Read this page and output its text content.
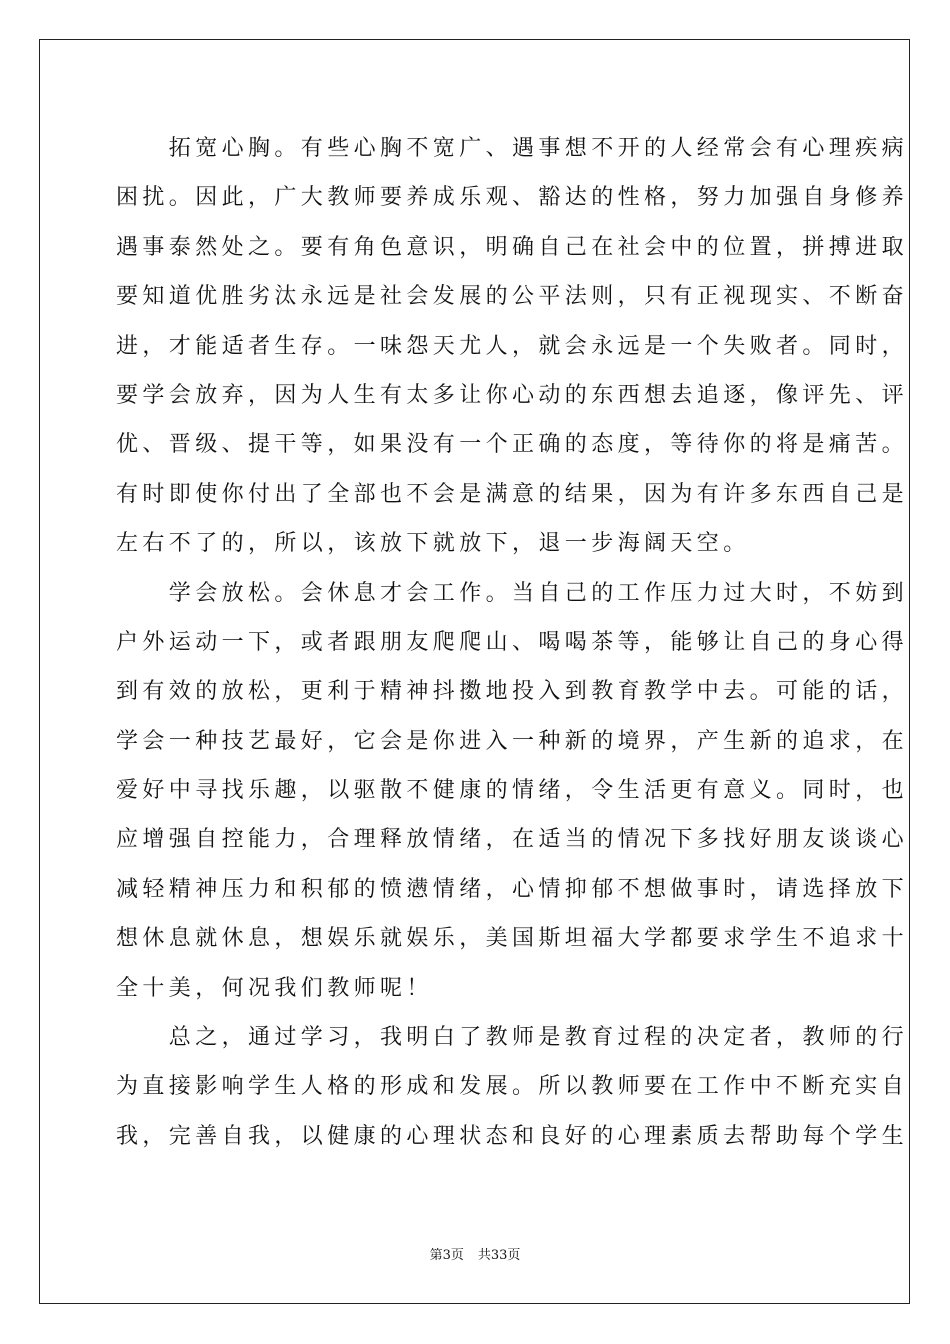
　　拓宽心胸。有些心胸不宽广、遇事想不开的人经常会有心理疾病
困扰。因此，广大教师要养成乐观、豁达的性格，努力加强自身修养
遇事泰然处之。要有角色意识，明确自己在社会中的位置，拼搏进取
要知道优胜劣汰永远是社会发展的公平法则，只有正视现实、不断奋
进，才能适者生存。一味怨天尤人，就会永远是一个失败者。同时，
要学会放弃，因为人生有太多让你心动的东西想去追逐，像评先、评
优、晋级、提干等，如果没有一个正确的态度，等待你的将是痛苦。
有时即使你付出了全部也不会是满意的结果，因为有许多东西自己是
左右不了的，所以，该放下就放下，退一步海阔天空。
　　学会放松。会休息才会工作。当自己的工作压力过大时，不妨到
户外运动一下，或者跟朋友爬爬山、喝喝茶等，能够让自己的身心得
到有效的放松，更利于精神抖擞地投入到教育教学中去。可能的话，
学会一种技艺最好，它会是你进入一种新的境界，产生新的追求，在
爱好中寻找乐趣，以驱散不健康的情绪，令生活更有意义。同时，也
应增强自控能力，合理释放情绪，在适当的情况下多找好朋友谈谈心
减轻精神压力和积郁的愤懑情绪，心情抑郁不想做事时，请选择放下
想休息就休息，想娱乐就娱乐，美国斯坦福大学都要求学生不追求十
全十美，何况我们教师呢！
　　总之，通过学习，我明白了教师是教育过程的决定者，教师的行
为直接影响学生人格的形成和发展。所以教师要在工作中不断充实自
我，完善自我，以健康的心理状态和良好的心理素质去帮助每个学生
第3页 共33页
